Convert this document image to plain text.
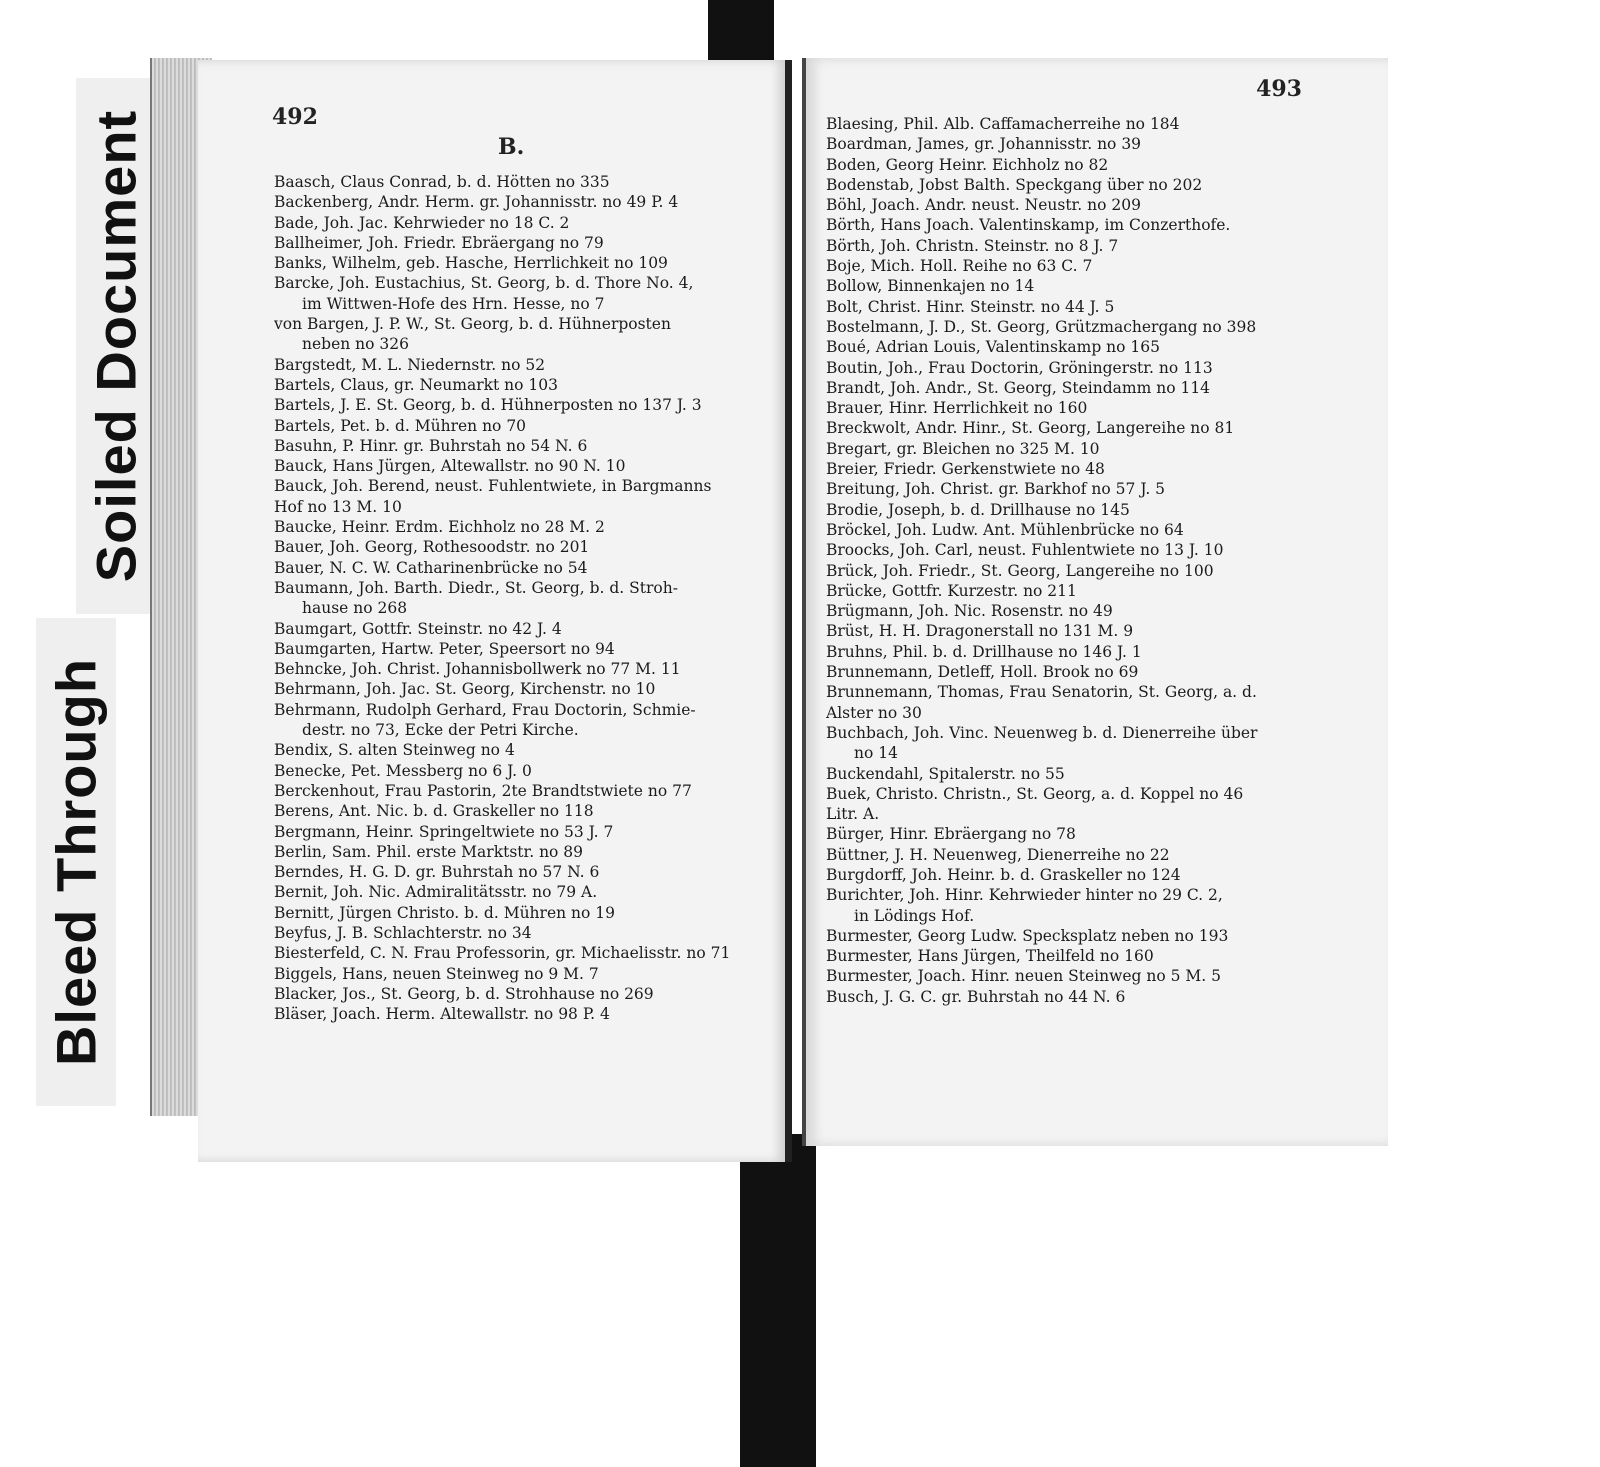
Soiled Document
Bleed Through
492
B.
Baasch, Claus Conrad, b. d. Hötten no 335
Backenberg, Andr. Herm. gr. Johannisstr. no 49 P. 4
Bade, Joh. Jac. Kehrwieder no 18 C. 2
Ballheimer, Joh. Friedr. Ebräergang no 79
Banks, Wilhelm, geb. Hasche, Herrlichkeit no 109
Barcke, Joh. Eustachius, St. Georg, b. d. Thore No. 4,
im Wittwen-Hofe des Hrn. Hesse, no 7
von Bargen, J. P. W., St. Georg, b. d. Hühnerposten
neben no 326
Bargstedt, M. L. Niedernstr. no 52
Bartels, Claus, gr. Neumarkt no 103
Bartels, J. E. St. Georg, b. d. Hühnerposten no 137 J. 3
Bartels, Pet. b. d. Mühren no 70
Basuhn, P. Hinr. gr. Buhrstah no 54 N. 6
Bauck, Hans Jürgen, Altewallstr. no 90 N. 10
Bauck, Joh. Berend, neust. Fuhlentwiete, in Bargmanns
Hof no 13 M. 10
Baucke, Heinr. Erdm. Eichholz no 28 M. 2
Bauer, Joh. Georg, Rothesoodstr. no 201
Bauer, N. C. W. Catharinenbrücke no 54
Baumann, Joh. Barth. Diedr., St. Georg, b. d. Stroh-
hause no 268
Baumgart, Gottfr. Steinstr. no 42 J. 4
Baumgarten, Hartw. Peter, Speersort no 94
Behncke, Joh. Christ. Johannisbollwerk no 77 M. 11
Behrmann, Joh. Jac. St. Georg, Kirchenstr. no 10
Behrmann, Rudolph Gerhard, Frau Doctorin, Schmie-
destr. no 73, Ecke der Petri Kirche.
Bendix, S. alten Steinweg no 4
Benecke, Pet. Messberg no 6 J. 0
Berckenhout, Frau Pastorin, 2te Brandtstwiete no 77
Berens, Ant. Nic. b. d. Graskeller no 118
Bergmann, Heinr. Springeltwiete no 53 J. 7
Berlin, Sam. Phil. erste Marktstr. no 89
Berndes, H. G. D. gr. Buhrstah no 57 N. 6
Bernit, Joh. Nic. Admiralitätsstr. no 79 A.
Bernitt, Jürgen Christo. b. d. Mühren no 19
Beyfus, J. B. Schlachterstr. no 34
Biesterfeld, C. N. Frau Professorin, gr. Michaelisstr. no 71
Biggels, Hans, neuen Steinweg no 9 M. 7
Blacker, Jos., St. Georg, b. d. Strohhause no 269
Bläser, Joach. Herm. Altewallstr. no 98 P. 4
493
Blaesing, Phil. Alb. Caffamacherreihe no 184
Boardman, James, gr. Johannisstr. no 39
Boden, Georg Heinr. Eichholz no 82
Bodenstab, Jobst Balth. Speckgang über no 202
Böhl, Joach. Andr. neust. Neustr. no 209
Börth, Hans Joach. Valentinskamp, im Conzerthofe.
Börth, Joh. Christn. Steinstr. no 8 J. 7
Boje, Mich. Holl. Reihe no 63 C. 7
Bollow, Binnenkajen no 14
Bolt, Christ. Hinr. Steinstr. no 44 J. 5
Bostelmann, J. D., St. Georg, Grützmachergang no 398
Boué, Adrian Louis, Valentinskamp no 165
Boutin, Joh., Frau Doctorin, Gröningerstr. no 113
Brandt, Joh. Andr., St. Georg, Steindamm no 114
Brauer, Hinr. Herrlichkeit no 160
Breckwolt, Andr. Hinr., St. Georg, Langereihe no 81
Bregart, gr. Bleichen no 325 M. 10
Breier, Friedr. Gerkenstwiete no 48
Breitung, Joh. Christ. gr. Barkhof no 57 J. 5
Brodie, Joseph, b. d. Drillhause no 145
Bröckel, Joh. Ludw. Ant. Mühlenbrücke no 64
Broocks, Joh. Carl, neust. Fuhlentwiete no 13 J. 10
Brück, Joh. Friedr., St. Georg, Langereihe no 100
Brücke, Gottfr. Kurzestr. no 211
Brügmann, Joh. Nic. Rosenstr. no 49
Brüst, H. H. Dragonerstall no 131 M. 9
Bruhns, Phil. b. d. Drillhause no 146 J. 1
Brunnemann, Detleff, Holl. Brook no 69
Brunnemann, Thomas, Frau Senatorin, St. Georg, a. d.
Alster no 30
Buchbach, Joh. Vinc. Neuenweg b. d. Dienerreihe über
no 14
Buckendahl, Spitalerstr. no 55
Buek, Christo. Christn., St. Georg, a. d. Koppel no 46
Litr. A.
Bürger, Hinr. Ebräergang no 78
Büttner, J. H. Neuenweg, Dienerreihe no 22
Burgdorff, Joh. Heinr. b. d. Graskeller no 124
Burichter, Joh. Hinr. Kehrwieder hinter no 29 C. 2,
in Lödings Hof.
Burmester, Georg Ludw. Specksplatz neben no 193
Burmester, Hans Jürgen, Theilfeld no 160
Burmester, Joach. Hinr. neuen Steinweg no 5 M. 5
Busch, J. G. C. gr. Buhrstah no 44 N. 6
